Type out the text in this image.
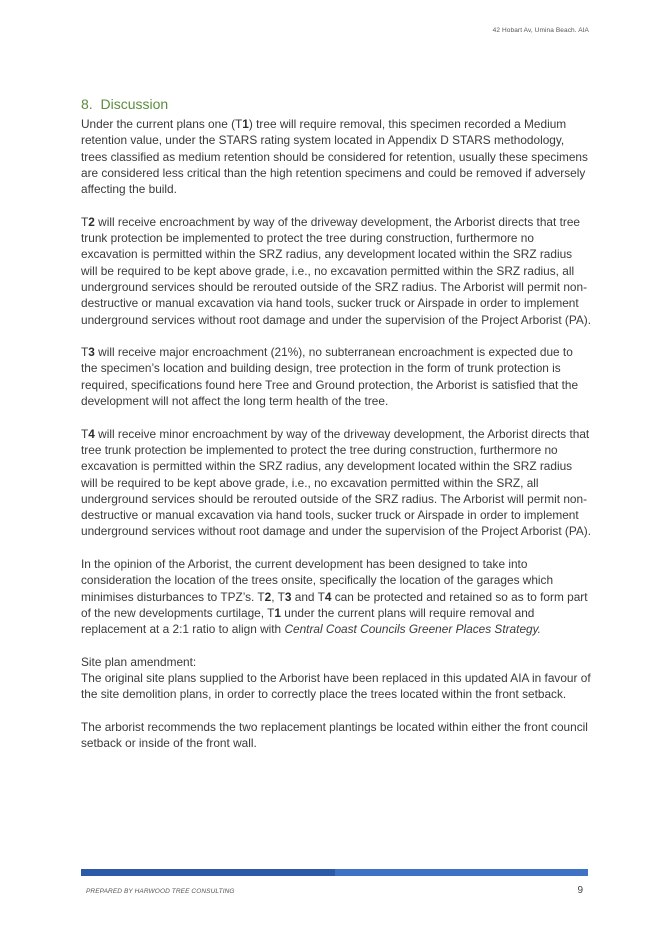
42 Hobart Av, Umina Beach. AIA
8. Discussion

Under the current plans one (T1) tree will require removal, this specimen recorded a Medium retention value, under the STARS rating system located in Appendix D STARS methodology, trees classified as medium retention should be considered for retention, usually these specimens are considered less critical than the high retention specimens and could be removed if adversely affecting the build.

T2 will receive encroachment by way of the driveway development, the Arborist directs that tree trunk protection be implemented to protect the tree during construction, furthermore no excavation is permitted within the SRZ radius, any development located within the SRZ radius will be required to be kept above grade, i.e., no excavation permitted within the SRZ radius, all underground services should be rerouted outside of the SRZ radius. The Arborist will permit non-destructive or manual excavation via hand tools, sucker truck or Airspade in order to implement underground services without root damage and under the supervision of the Project Arborist (PA).

T3 will receive major encroachment (21%), no subterranean encroachment is expected due to the specimen’s location and building design, tree protection in the form of trunk protection is required, specifications found here Tree and Ground protection, the Arborist is satisfied that the development will not affect the long term health of the tree.

T4 will receive minor encroachment by way of the driveway development, the Arborist directs that tree trunk protection be implemented to protect the tree during construction, furthermore no excavation is permitted within the SRZ radius, any development located within the SRZ radius will be required to be kept above grade, i.e., no excavation permitted within the SRZ, all underground services should be rerouted outside of the SRZ radius. The Arborist will permit non-destructive or manual excavation via hand tools, sucker truck or Airspade in order to implement underground services without root damage and under the supervision of the Project Arborist (PA).

In the opinion of the Arborist, the current development has been designed to take into consideration the location of the trees onsite, specifically the location of the garages which minimises disturbances to TPZ’s. T2, T3 and T4 can be protected and retained so as to form part of the new developments curtilage, T1 under the current plans will require removal and replacement at a 2:1 ratio to align with Central Coast Councils Greener Places Strategy.

Site plan amendment:
The original site plans supplied to the Arborist have been replaced in this updated AIA in favour of the site demolition plans, in order to correctly place the trees located within the front setback.

The arborist recommends the two replacement plantings be located within either the front council setback or inside of the front wall.

PREPARED BY HARWOOD TREE CONSULTING	9
